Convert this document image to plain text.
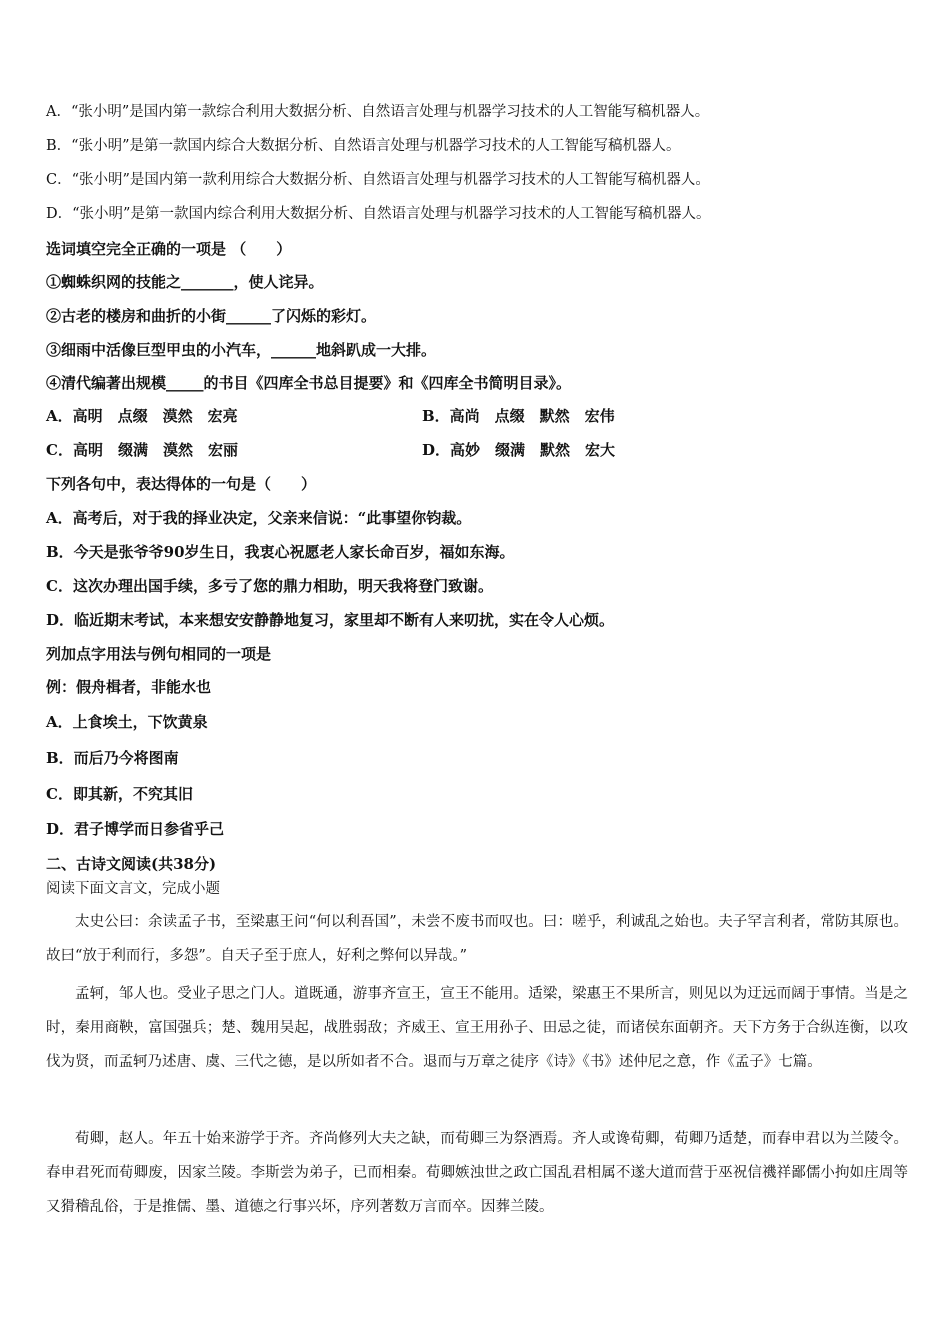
A．“张小明”是国内第一款综合利用大数据分析、自然语言处理与机器学习技术的人工智能写稿机器人。
B．“张小明”是第一款国内综合大数据分析、自然语言处理与机器学习技术的人工智能写稿机器人。
C．“张小明”是国内第一款利用综合大数据分析、自然语言处理与机器学习技术的人工智能写稿机器人。
D．“张小明”是第一款国内综合利用大数据分析、自然语言处理与机器学习技术的人工智能写稿机器人。
选词填空完全正确的一项是 （　　）
①蜘蛛织网的技能之_______，使人诧异。
②古老的楼房和曲折的小街______了闪烁的彩灯。
③细雨中活像巨型甲虫的小汽车，______地斜趴成一大排。
④清代编著出规模_____的书目《四库全书总目提要》和《四库全书简明目录》。
A．高明　点缀　漠然　宏亮	B．高尚　点缀　默然　宏伟
C．高明　缀满　漠然　宏丽	D．高妙　缀满　默然　宏大
下列各句中，表达得体的一句是（　　）
A．高考后，对于我的择业决定，父亲来信说：“此事望你钧裁。
B．今天是张爷爷90岁生日，我衷心祝愿老人家长命百岁，福如东海。
C．这次办理出国手续，多亏了您的鼎力相助，明天我将登门致谢。
D．临近期末考试，本来想安安静静地复习，家里却不断有人来叨扰，实在令人心烦。
列加点字用法与例句相同的一项是
例：假舟楫者，非能水也
A．上食埃土，下饮黄泉
B．而后乃今将图南
C．即其新，不究其旧
D．君子博学而日参省乎己
二、古诗文阅读(共38分)
阅读下面文言文，完成小题
太史公曰：余读孟子书，至梁惠王问“何以利吾国”，未尝不废书而叹也。曰：嗟乎，利诚乱之始也。夫子罕言利者，常防其原也。故曰“放于利而行，多怨”。自天子至于庶人，好利之弊何以异哉。”
孟轲，邹人也。受业子思之门人。道既通，游事齐宣王，宣王不能用。适梁，梁惠王不果所言，则见以为迂远而阔于事情。当是之时，秦用商鞅，富国强兵；楚、魏用吴起，战胜弱敌；齐威王、宣王用孙子、田忌之徒，而诸侯东面朝齐。天下方务于合纵连衡，以攻伐为贤，而孟轲乃述唐、虞、三代之德，是以所如者不合。退而与万章之徒序《诗》《书》述仲尼之意，作《孟子》七篇。
荀卿，赵人。年五十始来游学于齐。齐尚修列大夫之缺，而荀卿三为祭酒焉。齐人或谗荀卿，荀卿乃适楚，而春申君以为兰陵令。春申君死而荀卿废，因家兰陵。李斯尝为弟子，已而相秦。荀卿嫉浊世之政亡国乱君相属不遂大道而营于巫祝信禨祥鄙儒小拘如庄周等又猾稽乱俗，于是推儒、墨、道德之行事兴坏，序列著数万言而卒。因葬兰陵。
